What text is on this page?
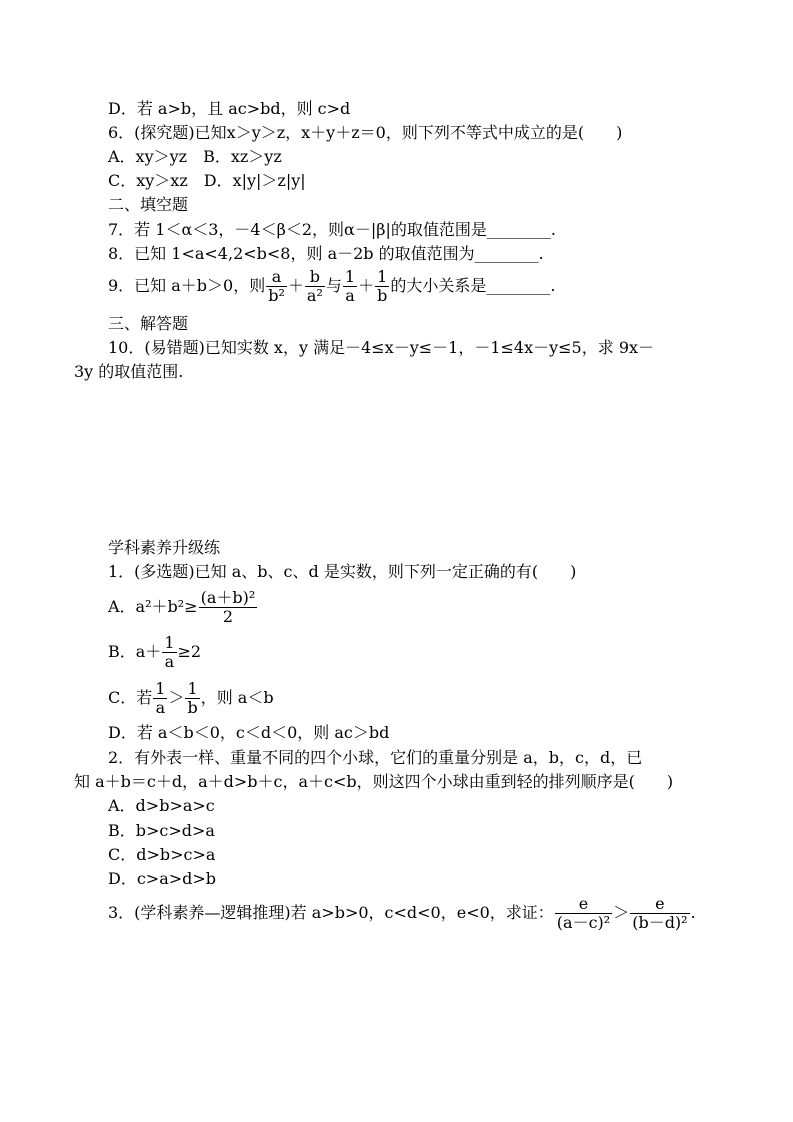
D．若 a>b，且 ac>bd，则 c>d
6．(探究题)已知x＞y＞z，x＋y＋z＝0，则下列不等式中成立的是(　　)
A．xy＞yz　B．xz＞yz
C．xy＞xz　D．x|y|＞z|y|
二、填空题
7．若 1＜α＜3，－4＜β＜2，则α－|β|的取值范围是________.
8．已知 1<a<4,2<b<8，则 a－2b 的取值范围为________.
9．已知 a＋b＞0，则 $\frac{a}{\text{b²}} + \frac{b}{\text{a²}}$ 与 $\frac{1}{a} + \frac{1}{b}$ 的大小关系是________.
三、解答题
10．(易错题)已知实数 x，y 满足－4≤x－y≤－1，－1≤4x－y≤5，求 9x－
3y 的取值范围.
学科素养升级练
1．(多选题)已知 a、b、c、d 是实数，则下列一定正确的有(　　)
A．$a^2+b^2\ge \frac{\text{(a＋b)²}}{2}$
B．$a+ \frac{1}{a} \ge 2$
C．若 $\frac{1}{a} > \frac{1}{b}$ ，则 a＜b
D．若 a＜b＜0，c＜d＜0，则 ac＞bd
2．有外表一样、重量不同的四个小球，它们的重量分别是 a，b，c，d，已
知 a＋b＝c＋d，a＋d>b＋c，a＋c<b，则这四个小球由重到轻的排列顺序是(　　)
A．d>b>a>c
B．b>c>d>a
C．d>b>c>a
D．c>a>d>b
3．(学科素养—逻辑推理)若 a>b>0，c<d<0，e<0，求证： $\frac{e}{\text{(a－c)²}} > \frac{e}{\text{(b－d)²}}$ .
